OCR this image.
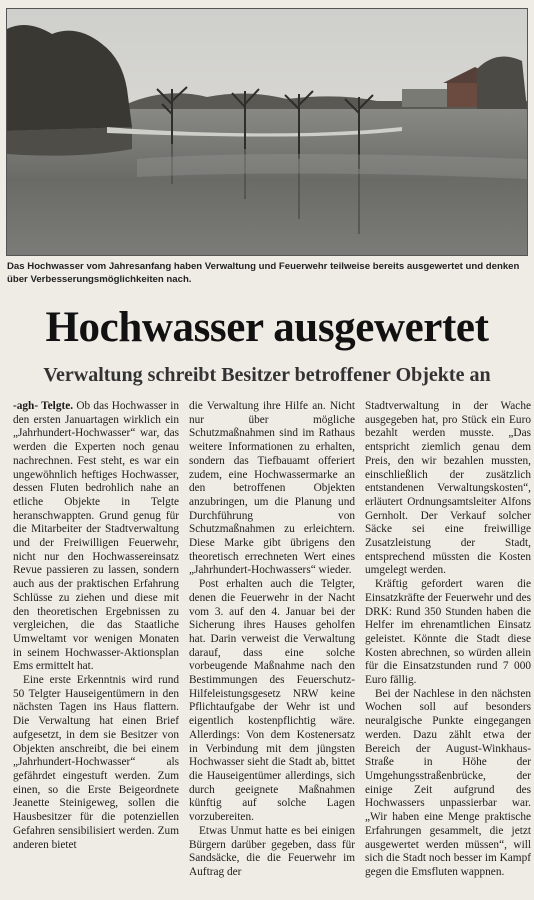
Das Hochwasser vom Jahresanfang haben Verwaltung und Feuerwehr teilweise bereits ausgewertet und denken über Verbesserungsmöglichkeiten nach.
Hochwasser ausgewertet
Verwaltung schreibt Besitzer betroffener Objekte an

-agh- Telgte. Ob das Hochwasser in den ersten Januartagen wirklich ein „Jahrhundert-Hochwasser“ war, das werden die Experten noch genau nachrechnen. Fest steht, es war ein ungewöhnlich heftiges Hochwasser, dessen Fluten bedrohlich nahe an etliche Objekte in Telgte heranschwappten. Grund genug für die Mitarbeiter der Stadtverwaltung und der Freiwilligen Feuerwehr, nicht nur den Hochwassereinsatz Revue passieren zu lassen, sondern auch aus der praktischen Erfahrung Schlüsse zu ziehen und diese mit den theoretischen Ergebnissen zu vergleichen, die das Staatliche Umweltamt vor wenigen Monaten in seinem Hochwasser-Aktionsplan Ems ermittelt hat.

Eine erste Erkenntnis wird rund 50 Telgter Hauseigentümern in den nächsten Tagen ins Haus flattern. Die Verwaltung hat einen Brief aufgesetzt, in dem sie Besitzer von Objekten anschreibt, die bei einem „Jahrhundert-Hochwasser“ als gefährdet eingestuft werden. Zum einen, so die Erste Beigeordnete Jeanette Steinigeweg, sollen die Hausbesitzer für die potenziellen Gefahren sensibilisiert werden. Zum anderen bietet

die Verwaltung ihre Hilfe an. Nicht nur über mögliche Schutzmaßnahmen sind im Rathaus weitere Informationen zu erhalten, sondern das Tiefbauamt offeriert zudem, eine Hochwassermarke an den betroffenen Objekten anzubringen, um die Planung und Durchführung von Schutzmaßnahmen zu erleichtern. Diese Marke gibt übrigens den theoretisch errechneten Wert eines „Jahrhundert-Hochwassers“ wieder.

Post erhalten auch die Telgter, denen die Feuerwehr in der Nacht vom 3. auf den 4. Januar bei der Sicherung ihres Hauses geholfen hat. Darin verweist die Verwaltung darauf, dass eine solche vorbeugende Maßnahme nach den Bestimmungen des Feuerschutz-Hilfeleistungsgesetz NRW keine Pflichtaufgabe der Wehr ist und eigentlich kostenpflichtig wäre. Allerdings: Von dem Kostenersatz in Verbindung mit dem jüngsten Hochwasser sieht die Stadt ab, bittet die Hauseigentümer allerdings, sich durch geeignete Maßnahmen künftig auf solche Lagen vorzubereiten.

Etwas Unmut hatte es bei einigen Bürgern darüber gegeben, dass für Sandsäcke, die die Feuerwehr im Auftrag der

Stadtverwaltung in der Wache ausgegeben hat, pro Stück ein Euro bezahlt werden musste. „Das entspricht ziemlich genau dem Preis, den wir bezahlen mussten, einschließlich der zusätzlich entstandenen Verwaltungskosten“, erläutert Ordnungsamtsleiter Alfons Gernholt. Der Verkauf solcher Säcke sei eine freiwillige Zusatzleistung der Stadt, entsprechend müssten die Kosten umgelegt werden.

Kräftig gefordert waren die Einsatzkräfte der Feuerwehr und des DRK: Rund 350 Stunden haben die Helfer im ehrenamtlichen Einsatz geleistet. Könnte die Stadt diese Kosten abrechnen, so würden allein für die Einsatzstunden rund 7 000 Euro fällig.

Bei der Nachlese in den nächsten Wochen soll auf besonders neuralgische Punkte eingegangen werden. Dazu zählt etwa der Bereich der August-Winkhaus-Straße in Höhe der Umgehungsstraßenbrücke, der einige Zeit aufgrund des Hochwassers unpassierbar war. „Wir haben eine Menge praktische Erfahrungen gesammelt, die jetzt ausgewertet werden müssen“, will sich die Stadt noch besser im Kampf gegen die Emsfluten wappnen.
